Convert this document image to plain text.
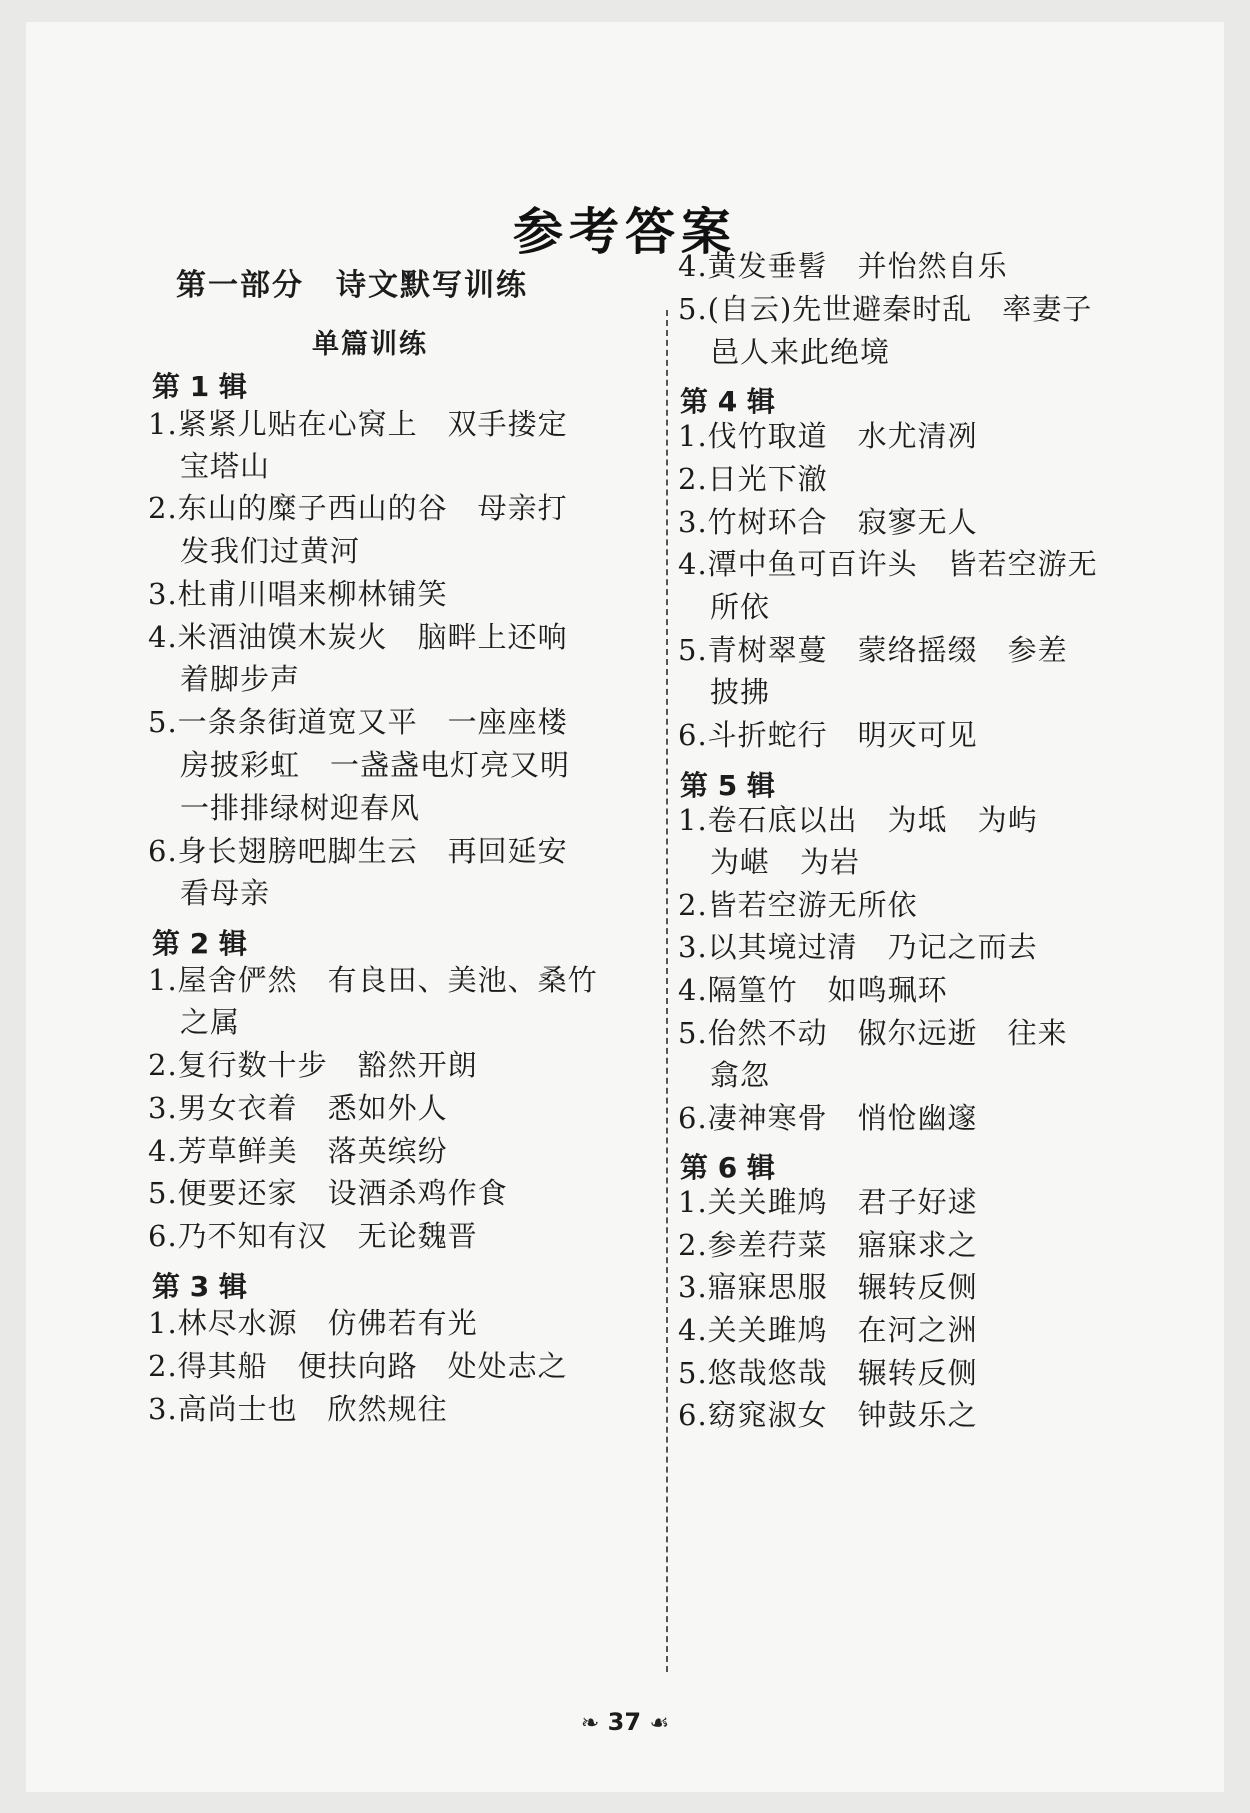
参考答案
第一部分　诗文默写训练
单篇训练
第 1 辑
1.紧紧儿贴在心窝上　双手搂定
宝塔山
2.东山的糜子西山的谷　母亲打
发我们过黄河
3.杜甫川唱来柳林铺笑
4.米酒油馍木炭火　脑畔上还响
着脚步声
5.一条条街道宽又平　一座座楼
房披彩虹　一盏盏电灯亮又明
一排排绿树迎春风
6.身长翅膀吧脚生云　再回延安
看母亲
第 2 辑
1.屋舍俨然　有良田、美池、桑竹
之属
2.复行数十步　豁然开朗
3.男女衣着　悉如外人
4.芳草鲜美　落英缤纷
5.便要还家　设酒杀鸡作食
6.乃不知有汉　无论魏晋
第 3 辑
1.林尽水源　仿佛若有光
2.得其船　便扶向路　处处志之
3.高尚士也　欣然规往
4.黄发垂髫　并怡然自乐
5.(自云)先世避秦时乱　率妻子
邑人来此绝境
第 4 辑
1.伐竹取道　水尤清冽
2.日光下澈
3.竹树环合　寂寥无人
4.潭中鱼可百许头　皆若空游无
所依
5.青树翠蔓　蒙络摇缀　参差
披拂
6.斗折蛇行　明灭可见
第 5 辑
1.卷石底以出　为坻　为屿
为嵁　为岩
2.皆若空游无所依
3.以其境过清　乃记之而去
4.隔篁竹　如鸣珮环
5.佁然不动　俶尔远逝　往来
翕忽
6.凄神寒骨　悄怆幽邃
第 6 辑
1.关关雎鸠　君子好逑
2.参差荇菜　寤寐求之
3.寤寐思服　辗转反侧
4.关关雎鸠　在河之洲
5.悠哉悠哉　辗转反侧
6.窈窕淑女　钟鼓乐之
❧ 37 ☙
